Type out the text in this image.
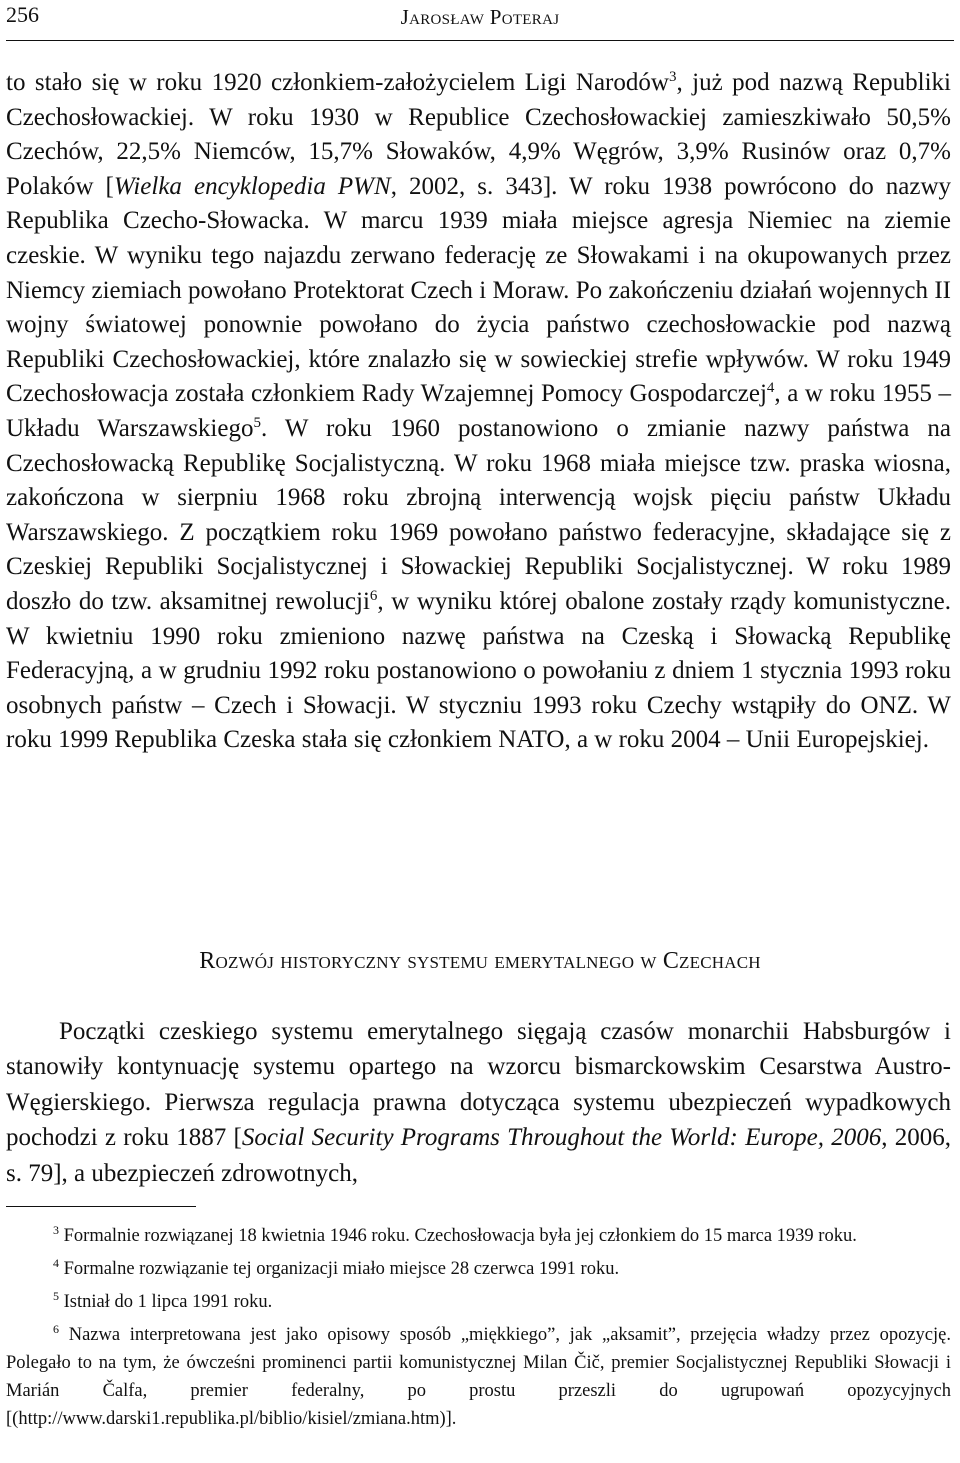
256	Jarosław Poteraj

to stało się w roku 1920 członkiem-założycielem Ligi Narodów$^3$, już pod nazwą Republiki Czechosłowackiej. W roku 1930 w Republice Czechosłowackiej zamieszkiwało 50,5% Czechów, 22,5% Niemców, 15,7% Słowaków, 4,9% Węgrów, 3,9% Rusinów oraz 0,7% Polaków [Wielka encyklopedia PWN, 2002, s. 343]. W roku 1938 powrócono do nazwy Republika Czecho-Słowacka. W marcu 1939 miała miejsce agresja Niemiec na ziemie czeskie. W wyniku tego najazdu zerwano federację ze Słowakami i na okupowanych przez Niemcy ziemiach powołano Protektorat Czech i Moraw. Po zakończeniu działań wojennych II wojny światowej ponownie powołano do życia państwo czechosłowackie pod nazwą Republiki Czechosłowackiej, które znalazło się w sowieckiej strefie wpływów. W roku 1949 Czechosłowacja została członkiem Rady Wzajemnej Pomocy Gospodarczej$^4$, a w roku 1955 – Układu Warszawskiego$^5$. W roku 1960 postanowiono o zmianie nazwy państwa na Czechosłowacką Republikę Socjalistyczną. W roku 1968 miała miejsce tzw. praska wiosna, zakończona w sierpniu 1968 roku zbrojną interwencją wojsk pięciu państw Układu Warszawskiego. Z początkiem roku 1969 powołano państwo federacyjne, składające się z Czeskiej Republiki Socjalistycznej i Słowackiej Republiki Socjalistycznej. W roku 1989 doszło do tzw. aksamitnej rewolucji$^6$, w wyniku której obalone zostały rządy komunistyczne. W kwietniu 1990 roku zmieniono nazwę państwa na Czeską i Słowacką Republikę Federacyjną, a w grudniu 1992 roku postanowiono o powołaniu z dniem 1 stycznia 1993 roku osobnych państw – Czech i Słowacji. W styczniu 1993 roku Czechy wstąpiły do ONZ. W roku 1999 Republika Czeska stała się członkiem NATO, a w roku 2004 – Unii Europejskiej.

Rozwój historyczny systemu emerytalnego w Czechach

Początki czeskiego systemu emerytalnego sięgają czasów monarchii Habsburgów i stanowiły kontynuację systemu opartego na wzorcu bismarckowskim Cesarstwa Austro-Węgierskiego. Pierwsza regulacja prawna dotycząca systemu ubezpieczeń wypadkowych pochodzi z roku 1887 [Social Security Programs Throughout the World: Europe, 2006, 2006, s. 79], a ubezpieczeń zdrowotnych,

$^3$ Formalnie rozwiązanej 18 kwietnia 1946 roku. Czechosłowacja była jej członkiem do 15 marca 1939 roku.

$^4$ Formalne rozwiązanie tej organizacji miało miejsce 28 czerwca 1991 roku.

$^5$ Istniał do 1 lipca 1991 roku.

$^6$ Nazwa interpretowana jest jako opisowy sposób „miękkiego”, jak „aksamit”, przejęcia władzy przez opozycję. Polegało to na tym, że ówcześni prominenci partii komunistycznej Milan Čič, premier Socjalistycznej Republiki Słowacji i Marián Čalfa, premier federalny, po prostu przeszli do ugrupowań opozycyjnych [(http://www.darski1.republika.pl/biblio/kisiel/zmiana.htm)].
